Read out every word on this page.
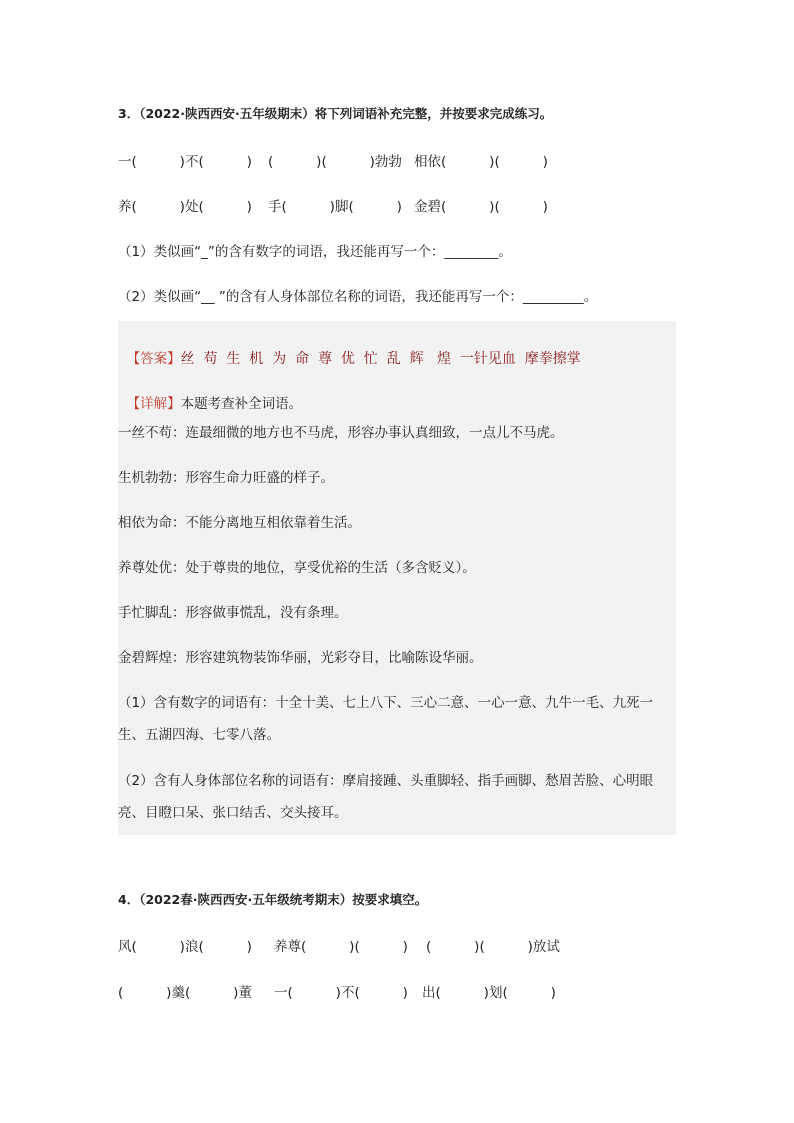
3．（2022·陕西西安·五年级期末）将下列词语补充完整，并按要求完成练习。
一(          )不(          ) (          )(          )勃勃 相依(          )(          )
养(          )处(          ) 手(          )脚(          ) 金碧(          )(          )
（1）类似画“_”的含有数字的词语，我还能再写一个：________。
（2）类似画“__ ”的含有人身体部位名称的词语，我还能再写一个：_________。

【答案】丝  苟  生  机  为  命  尊  优  忙  乱  辉   煌  一针见血  摩拳擦掌

【详解】本题考查补全词语。

一丝不苟：连最细微的地方也不马虎，形容办事认真细致，一点儿不马虎。
生机勃勃：形容生命力旺盛的样子。
相依为命：不能分离地互相依靠着生活。
养尊处优：处于尊贵的地位，享受优裕的生活（多含贬义）。
手忙脚乱：形容做事慌乱，没有条理。
金碧辉煌：形容建筑物装饰华丽，光彩夺目，比喻陈设华丽。
（1）含有数字的词语有：十全十美、七上八下、三心二意、一心一意、九牛一毛、九死一
生、五湖四海、七零八落。
（2）含有人身体部位名称的词语有：摩肩接踵、头重脚轻、指手画脚、愁眉苦脸、心明眼
亮、目瞪口呆、张口结舌、交头接耳。
4．（2022春·陕西西安·五年级统考期末）按要求填空。
风(          )浪(          ) 养尊(          )(          ) (          )(          )放试
(          )羹(          )董 一(          )不(          ) 出(          )划(          )
